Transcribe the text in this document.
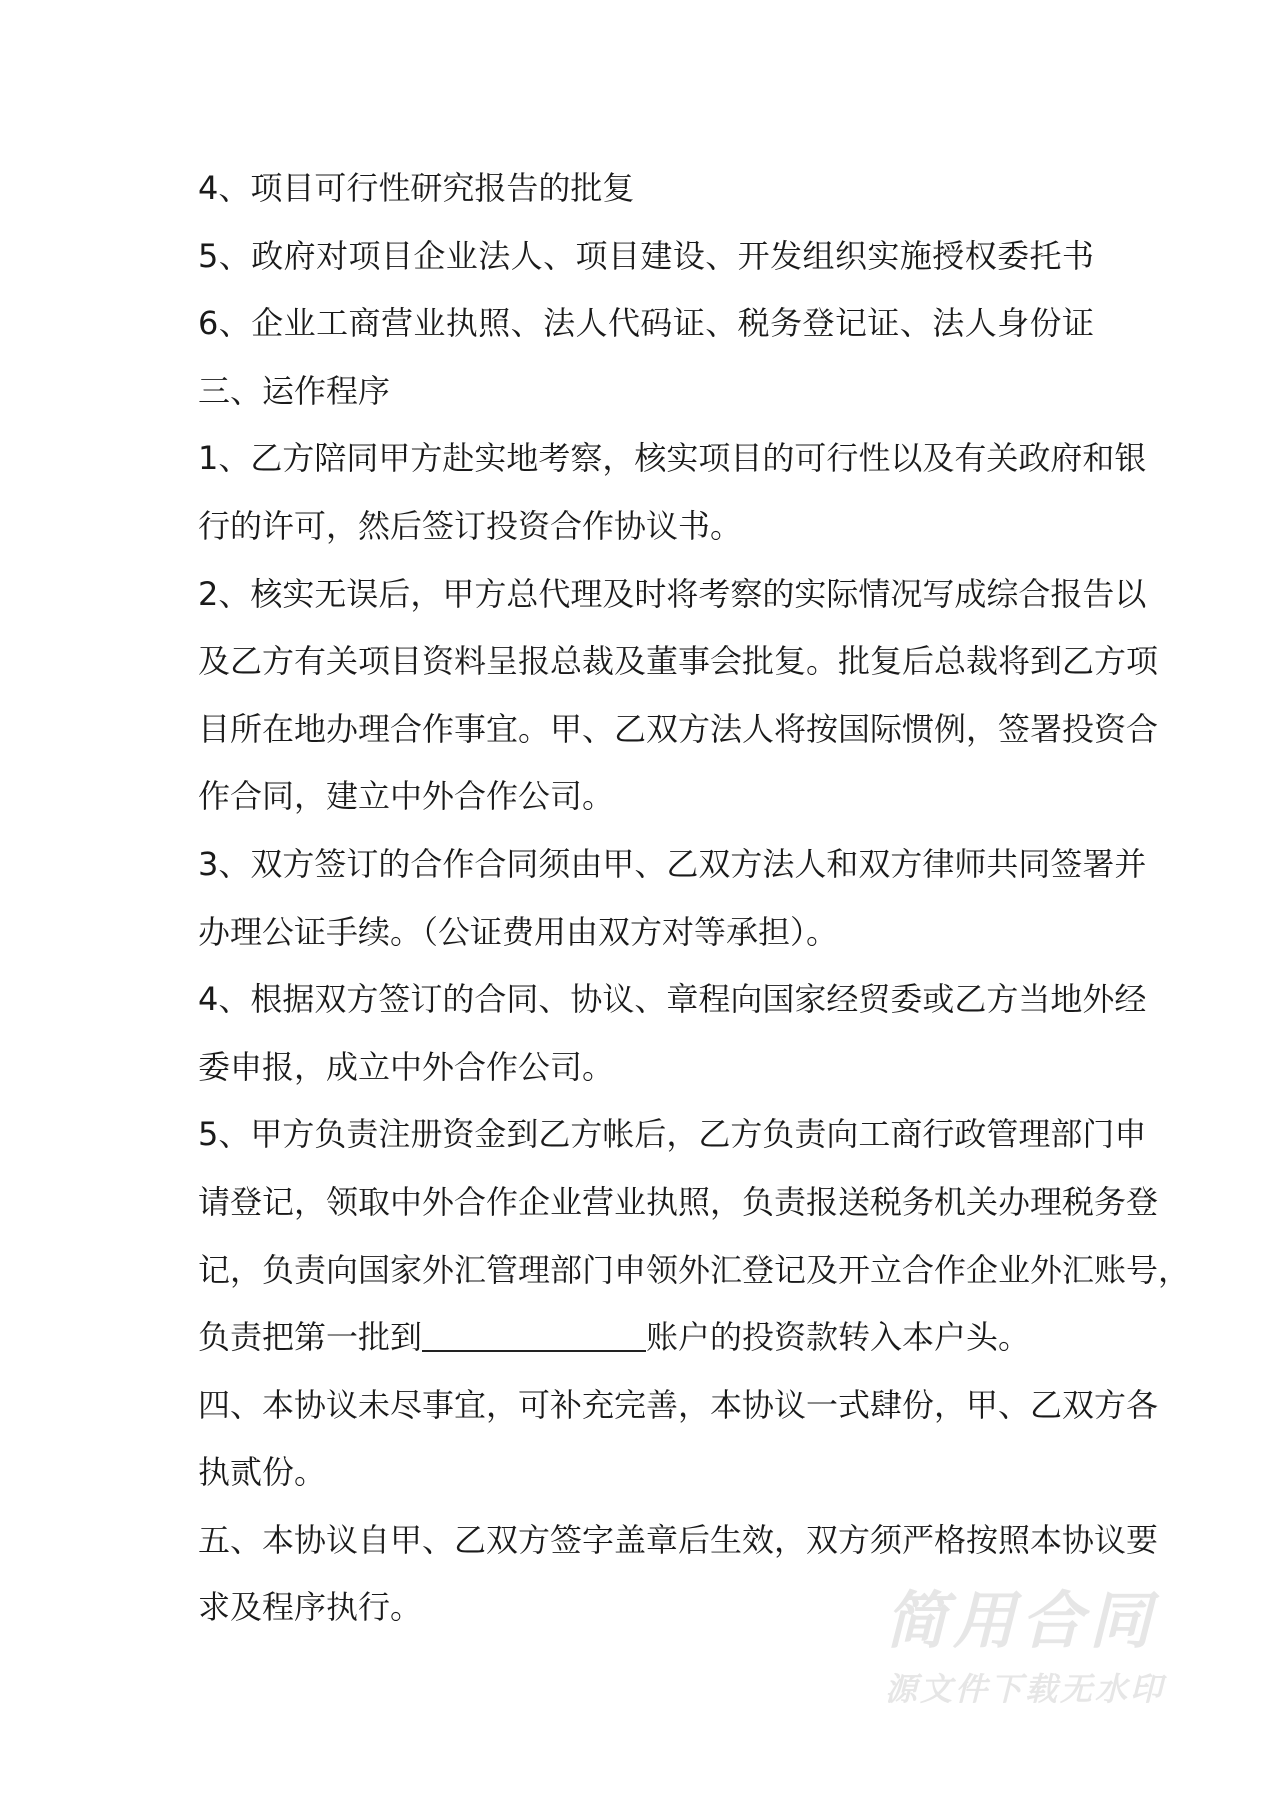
4、项目可行性研究报告的批复
5、政府对项目企业法人、项目建设、开发组织实施授权委托书
6、企业工商营业执照、法人代码证、税务登记证、法人身份证
三、运作程序
1、乙方陪同甲方赴实地考察，核实项目的可行性以及有关政府和银
行的许可，然后签订投资合作协议书。
2、核实无误后，甲方总代理及时将考察的实际情况写成综合报告以
及乙方有关项目资料呈报总裁及董事会批复。批复后总裁将到乙方项
目所在地办理合作事宜。甲、乙双方法人将按国际惯例，签署投资合
作合同，建立中外合作公司。
3、双方签订的合作合同须由甲、乙双方法人和双方律师共同签署并
办理公证手续。（公证费用由双方对等承担）。
4、根据双方签订的合同、协议、章程向国家经贸委或乙方当地外经
委申报，成立中外合作公司。
5、甲方负责注册资金到乙方帐后，乙方负责向工商行政管理部门申
请登记，领取中外合作企业营业执照，负责报送税务机关办理税务登
记，负责向国家外汇管理部门申领外汇登记及开立合作企业外汇账号，
负责把第一批到	账户的投资款转入本户头。
四、本协议未尽事宜，可补充完善，本协议一式肆份，甲、乙双方各
执贰份。
五、本协议自甲、乙双方签字盖章后生效，双方须严格按照本协议要
求及程序执行。	简用合同
源文件下载无水印
